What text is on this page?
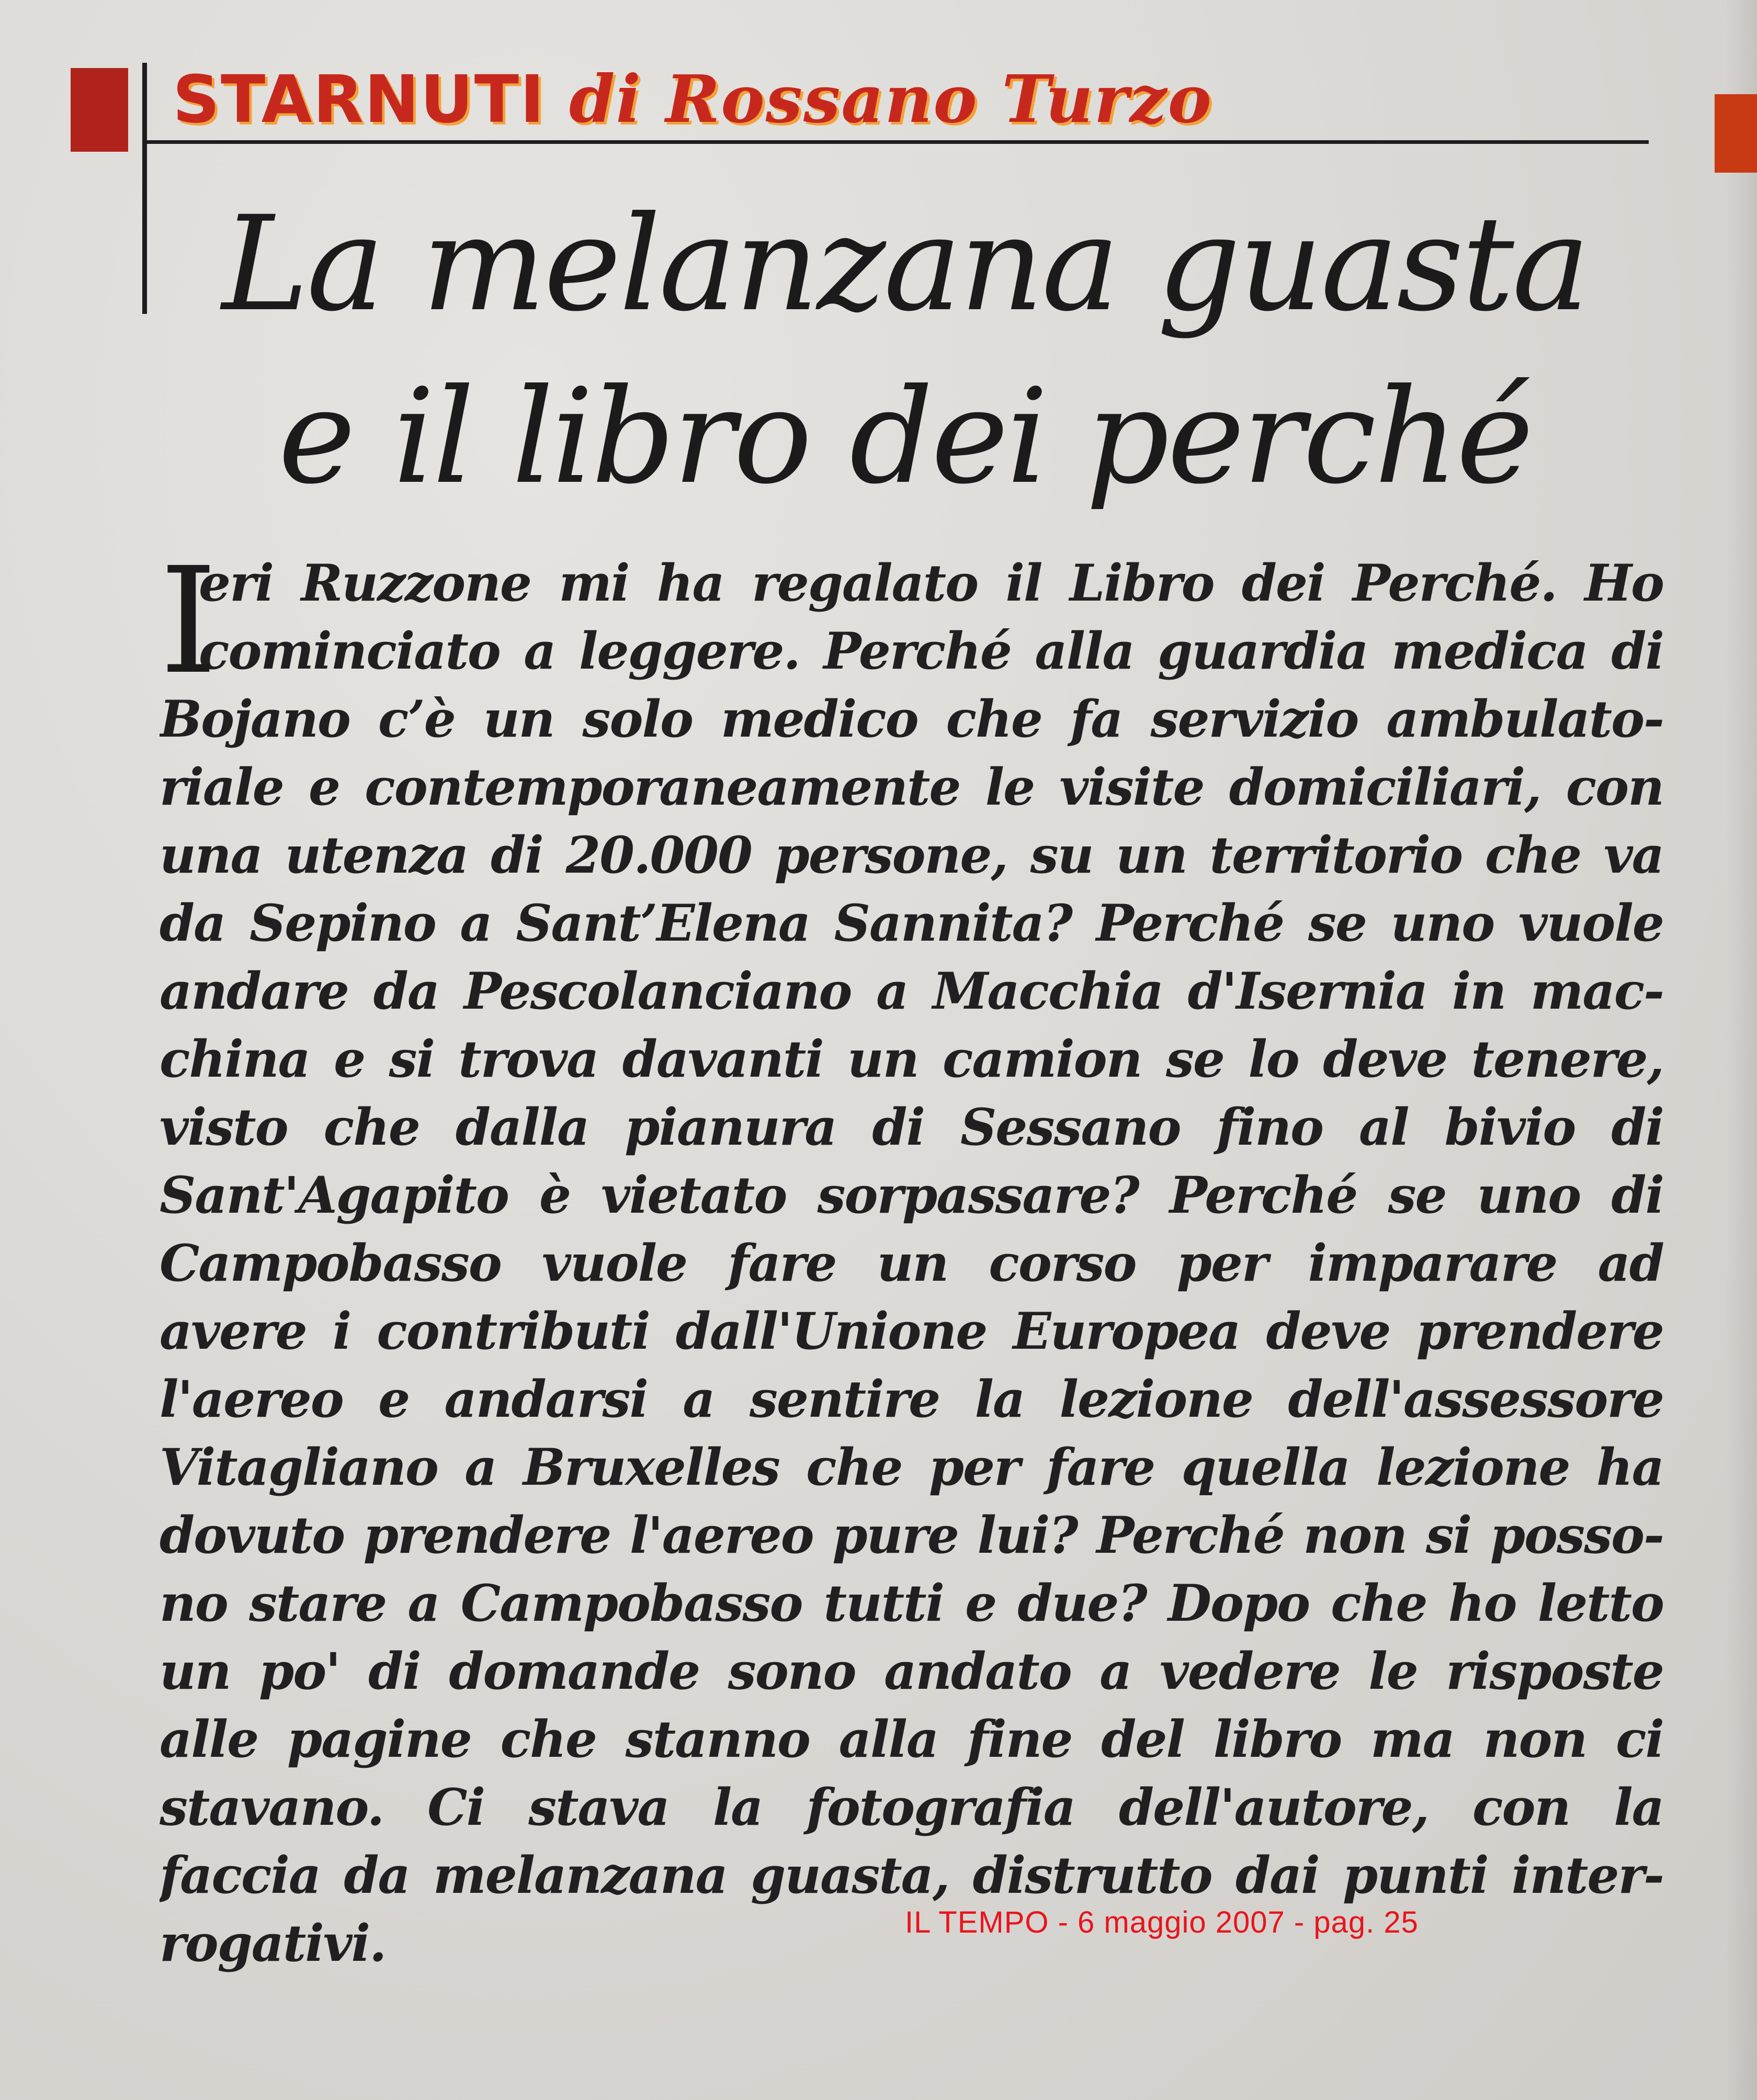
STARNUTI di Rossano Turzo
La melanzana guasta
e il libro dei perché
I
eri Ruzzone mi ha regalato il Libro dei Perché. Ho
cominciato a leggere. Perché alla guardia medica di
Bojano c’è un solo medico che fa servizio ambulato-
riale e contemporaneamente le visite domiciliari, con
una utenza di 20.000 persone, su un territorio che va
da Sepino a Sant’Elena Sannita? Perché se uno vuole
andare da Pescolanciano a Macchia d'Isernia in mac-
china e si trova davanti un camion se lo deve tenere,
visto che dalla pianura di Sessano fino al bivio di
Sant'Agapito è vietato sorpassare? Perché se uno di
Campobasso vuole fare un corso per imparare ad
avere i contributi dall'Unione Europea deve prendere
l'aereo e andarsi a sentire la lezione dell'assessore
Vitagliano a Bruxelles che per fare quella lezione ha
dovuto prendere l'aereo pure lui? Perché non si posso-
no stare a Campobasso tutti e due? Dopo che ho letto
un po' di domande sono andato a vedere le risposte
alle pagine che stanno alla fine del libro ma non ci
stavano. Ci stava la fotografia dell'autore, con la
faccia da melanzana guasta, distrutto dai punti inter-
rogativi.	IL TEMPO - 6 maggio 2007 - pag. 25
